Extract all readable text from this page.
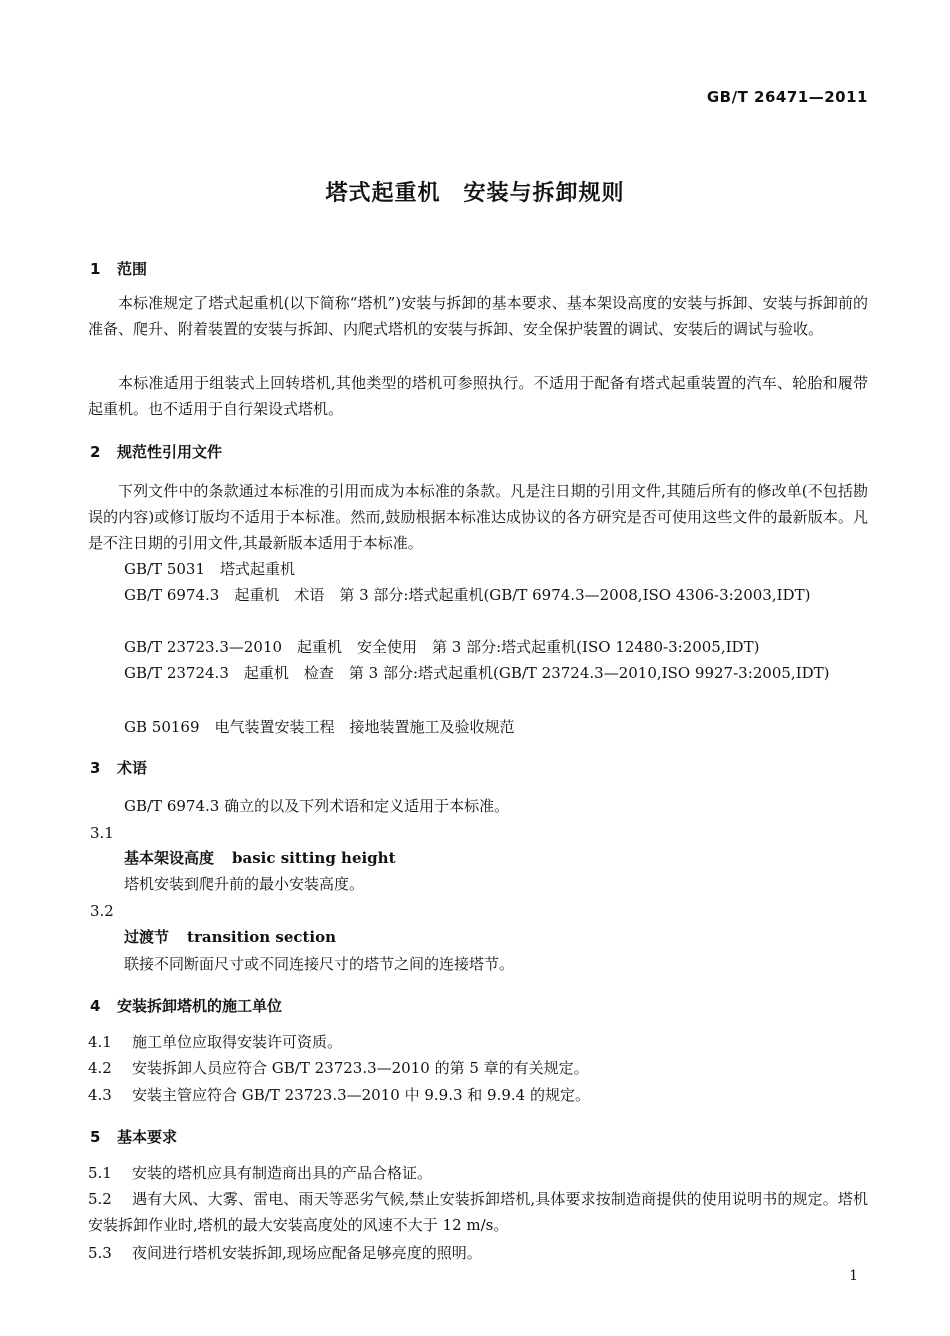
GB/T 26471—2011
塔式起重机　安装与拆卸规则
1 范围
本标准规定了塔式起重机(以下简称“塔机”)安装与拆卸的基本要求、基本架设高度的安装与拆卸、安装与拆卸前的准备、爬升、附着装置的安装与拆卸、内爬式塔机的安装与拆卸、安全保护装置的调试、安装后的调试与验收。
本标准适用于组装式上回转塔机,其他类型的塔机可参照执行。不适用于配备有塔式起重装置的汽车、轮胎和履带起重机。也不适用于自行架设式塔机。
2 规范性引用文件
下列文件中的条款通过本标准的引用而成为本标准的条款。凡是注日期的引用文件,其随后所有的修改单(不包括勘误的内容)或修订版均不适用于本标准。然而,鼓励根据本标准达成协议的各方研究是否可使用这些文件的最新版本。凡是不注日期的引用文件,其最新版本适用于本标准。
GB/T 5031　塔式起重机
GB/T 6974.3　起重机　术语　第 3 部分:塔式起重机(GB/T 6974.3—2008,ISO 4306-3:2003,IDT)
GB/T 23723.3—2010　起重机　安全使用　第 3 部分:塔式起重机(ISO 12480-3:2005,IDT)
GB/T 23724.3　起重机　检查　第 3 部分:塔式起重机(GB/T 23724.3—2010,ISO 9927-3:2005,IDT)
GB 50169　电气装置安装工程　接地装置施工及验收规范
3 术语
GB/T 6974.3 确立的以及下列术语和定义适用于本标准。
3.1
基本架设高度 basic sitting height
塔机安装到爬升前的最小安装高度。
3.2
过渡节 transition section
联接不同断面尺寸或不同连接尺寸的塔节之间的连接塔节。
4 安装拆卸塔机的施工单位
4.1 施工单位应取得安装许可资质。
4.2 安装拆卸人员应符合 GB/T 23723.3—2010 的第 5 章的有关规定。
4.3 安装主管应符合 GB/T 23723.3—2010 中 9.9.3 和 9.9.4 的规定。
5 基本要求
5.1 安装的塔机应具有制造商出具的产品合格证。
5.2 遇有大风、大雾、雷电、雨天等恶劣气候,禁止安装拆卸塔机,具体要求按制造商提供的使用说明书的规定。塔机安装拆卸作业时,塔机的最大安装高度处的风速不大于 12 m/s。
5.3 夜间进行塔机安装拆卸,现场应配备足够亮度的照明。
1
